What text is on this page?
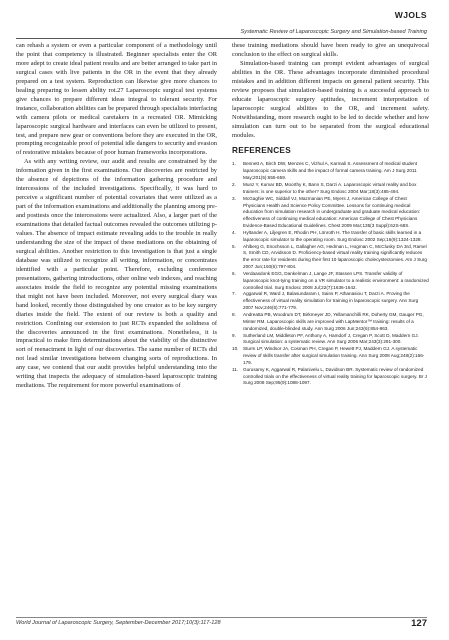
WJOLS
Systematic Review of Laparoscopic Surgery and Simulation-based Training

can rehash a system or even a particular component of a methodology until the point that competency is illustrated. Beginner specialists enter the OR more adept to create ideal patient results and are better arranged to take part in surgical cases with live patients in the OR in the event that they already prepared on a test system. Reproduction can likewise give more chances to healing preparing to lessen ability rot.27 Laparoscopic surgical test systems give chances to prepare different ideas integral to tolerant security. For instance, collaboration abilities can be prepared through specialists interfacing with camera pilots or medical caretakers in a recreated OR. Mimicking laparoscopic surgical hardware and interfaces can even be utilized to present, test, and prepare new gear or conventions before they are executed in the OR, prompting recognizable proof of potential idle dangers to security and evasion of restorative mistakes because of poor human frameworks incorporations.

As with any writing review, our audit and results are constrained by the information given in the first examinations. Our discoveries are restricted by the absence of depictions of the information gathering procedure and intercessions of the included investigations. Specifically, it was hard to perceive a significant number of potential covariates that were utilized as a part of the information examinations and additionally the planning among pre-and posttests once the intercessions were actualized. Also, a larger part of the examinations that detailed factual outcomes revealed the outcomes utilizing p-values. The absence of impact estimate revealing adds to the trouble in really understanding the size of the impact of these mediations on the obtaining of surgical abilities. Another restriction to this investigation is that just a single database was utilized to recognize all writing, information, or concentrates identified with a particular point. Therefore, excluding conference presentations, gathering introductions, other online web indexes, and reaching associates inside the field to recognize any potential missing examinations that might not have been included. Moreover, not every surgical diary was hand looked, recently those distinguished by one creator as to be key surgery diaries inside the field. The extent of our review is both a quality and restriction. Confining our extension to just RCTs expanded the solidness of the discoveries announced in the first examinations. Nonetheless, it is impractical to make firm determinations about the viability of the distinctive sort of reenactment in light of our discoveries. The same number of RCTs did not lead similar investigations between changing sorts of reproductions. In any case, we contend that our audit provides helpful understanding into the writing that inspects the adequacy of simulation-based laparoscopic training mediations. The requirement for more powerful examinations of

these training mediations should have been ready to give an unequivocal conclusion to the effect on surgical skills.

Simulation-based training can prompt evident advantages of surgical abilities in the OR. These advantages incorporate diminished procedural mistakes and in addition different impacts on general patient security. This review proposes that simulation-based training is a successful approach to educate laparoscopic surgery aptitudes, increment interpretation of laparoscopic surgical abilities to the OR, and increment safety. Notwithstanding, more research ought to be led to decide whether and how simulation can turn out to be separated from the surgical educational modules.

REFERENCES
1. Bennett A, Birch DW, Menzes C, Vizhul A, Karmali S. Assessment of medical student laparoscopic camera skills and the impact of formal camera training. Am J Surg 2011 May;201(5):655-659.
2. Munz Y, Kumar BD, Moorthy K, Bann S, Darzi A. Laparoscopic virtual reality and box trainers: is one superior to the other? Surg Endosc 2004 Mar;18(3):485-494.
3. McGaghie WC, Siddall VJ, Mazmanian PE, Myers J, American College of Chest Physicians Health and Science Policy Committee. Lessons for continuing medical education from simulation research in undergraduate and graduate medical education: effectiveness of continuing medical education: American College of Chest Physicians Evidence-Based Educational Guidelines. Chest 2009 Mar;135(3 Suppl):62S-68S.
4. Hyltander A, Liljegren E, Rhodin PH, Lönroth H. The transfer of basic skills learned in a laparoscopic simulator to the operating room. Surg Endosc 2002 Sep;16(9):1324-1328.
5. Ahlberg G, Enochsson L, Gallagher AG, Hedman L, Hogman C, McClusky DA 3rd, Ramel S, Smith CD, Arvidsson D. Proficiency-based virtual reality training significantly reduces the error rate for residents during their first 10 laparoscopic cholecystectomies. Am J Surg 2007 Jun;193(6):797-804.
6. Verdaasdonk EGG, Dankelman J, Lange JF, Stassen LPS. Transfer validity of laparoscopic knot-tying training on a VR simulator to a realistic environment: a randomized controlled trial. Surg Endosc 2008 Jul;22(7):1636-1642.
7. Aggarwal R, Ward J, Balasundaram I, Sains P, Athanasiou T, Darzi A. Proving the effectiveness of virtual reality simulation for training in laparoscopic surgery. Ann Surg 2007 Nov;246(5):771-779.
8. Andreatta PB, Woodrum DT, Birkmeyer JD, Yellamanchilli RK, Doherty GM, Gauger PG, Minter RM. Laparoscopic skills are improved with LapMentor™ training: results of a randomized, double-blinded study. Ann Surg 2006 Jun;243(6):854-863.
9. Sutherland LM, Middleton PF, Anthony A, Hamdorf J, Cregan P, Scott D, Maddern GJ. Surgical simulation: a systematic review. Ann Surg 2006 Mar;243(3):291-300.
10. Sturm LP, Windsor JA, Cosman PH, Cregan P, Hewett PJ, Maddern GJ. A systematic review of skills transfer after surgical simulation training. Ann Surg 2008 Aug;248(2):166-179.
11. Gurusamy K, Aggarwal R, Palanivelu L, Davidson BR. Systematic review of randomized controlled trials on the effectiveness of virtual reality training for laparoscopic surgery. Br J Surg 2008 Sep;95(9):1088-1097.
World Journal of Laparoscopic Surgery, September-December 2017;10(3):117-128	127
